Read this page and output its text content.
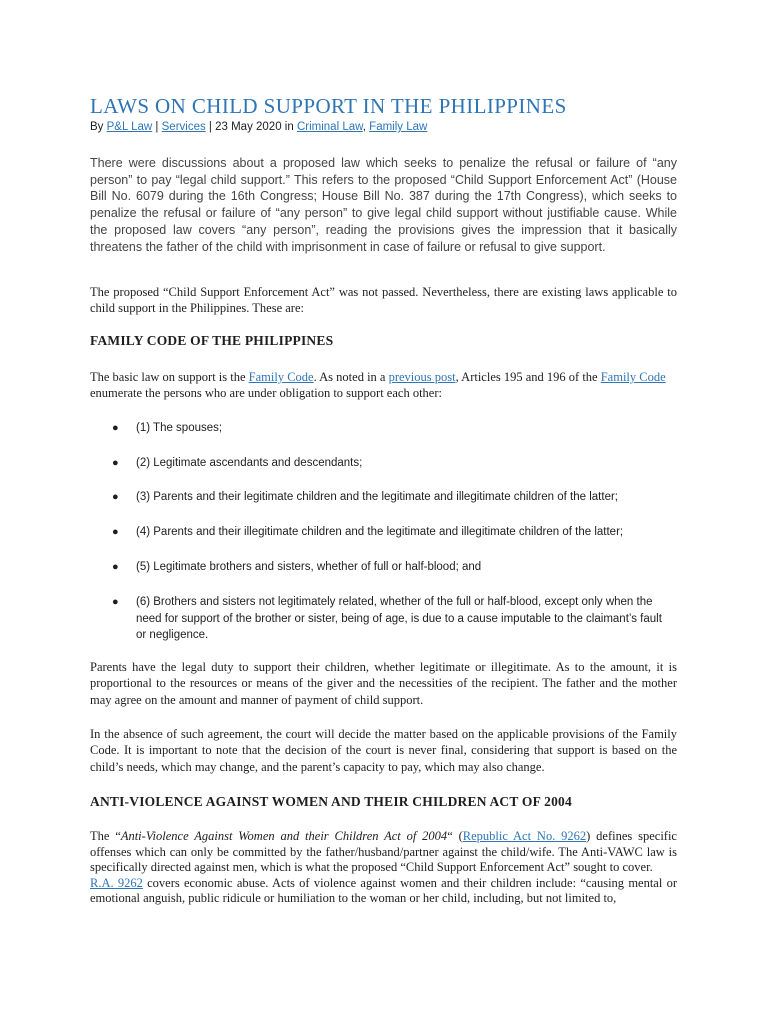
LAWS ON CHILD SUPPORT IN THE PHILIPPINES

By P&L Law | Services | 23 May 2020 in Criminal Law, Family Law

There were discussions about a proposed law which seeks to penalize the refusal or failure of “any person” to pay “legal child support.” This refers to the proposed “Child Support Enforcement Act” (House Bill No. 6079 during the 16th Congress; House Bill No. 387 during the 17th Congress), which seeks to penalize the refusal or failure of “any person” to give legal child support without justifiable cause. While the proposed law covers “any person”, reading the provisions gives the impression that it basically threatens the father of the child with imprisonment in case of failure or refusal to give support.

The proposed “Child Support Enforcement Act” was not passed. Nevertheless, there are existing laws applicable to child support in the Philippines. These are:

FAMILY CODE OF THE PHILIPPINES

The basic law on support is the Family Code. As noted in a previous post, Articles 195 and 196 of the Family Code enumerate the persons who are under obligation to support each other:

● (1) The spouses;
● (2) Legitimate ascendants and descendants;
● (3) Parents and their legitimate children and the legitimate and illegitimate children of the latter;
● (4) Parents and their illegitimate children and the legitimate and illegitimate children of the latter;
● (5) Legitimate brothers and sisters, whether of full or half-blood; and
● (6) Brothers and sisters not legitimately related, whether of the full or half-blood, except only when the need for support of the brother or sister, being of age, is due to a cause imputable to the claimant’s fault or negligence.

Parents have the legal duty to support their children, whether legitimate or illegitimate. As to the amount, it is proportional to the resources or means of the giver and the necessities of the recipient. The father and the mother may agree on the amount and manner of payment of child support.

In the absence of such agreement, the court will decide the matter based on the applicable provisions of the Family Code. It is important to note that the decision of the court is never final, considering that support is based on the child’s needs, which may change, and the parent’s capacity to pay, which may also change.

ANTI-VIOLENCE AGAINST WOMEN AND THEIR CHILDREN ACT OF 2004

The “Anti-Violence Against Women and their Children Act of 2004“ (Republic Act No. 9262) defines specific offenses which can only be committed by the father/husband/partner against the child/wife. The Anti-VAWC law is specifically directed against men, which is what the proposed “Child Support Enforcement Act” sought to cover.
R.A. 9262 covers economic abuse. Acts of violence against women and their children include: “causing mental or emotional anguish, public ridicule or humiliation to the woman or her child, including, but not limited to,
